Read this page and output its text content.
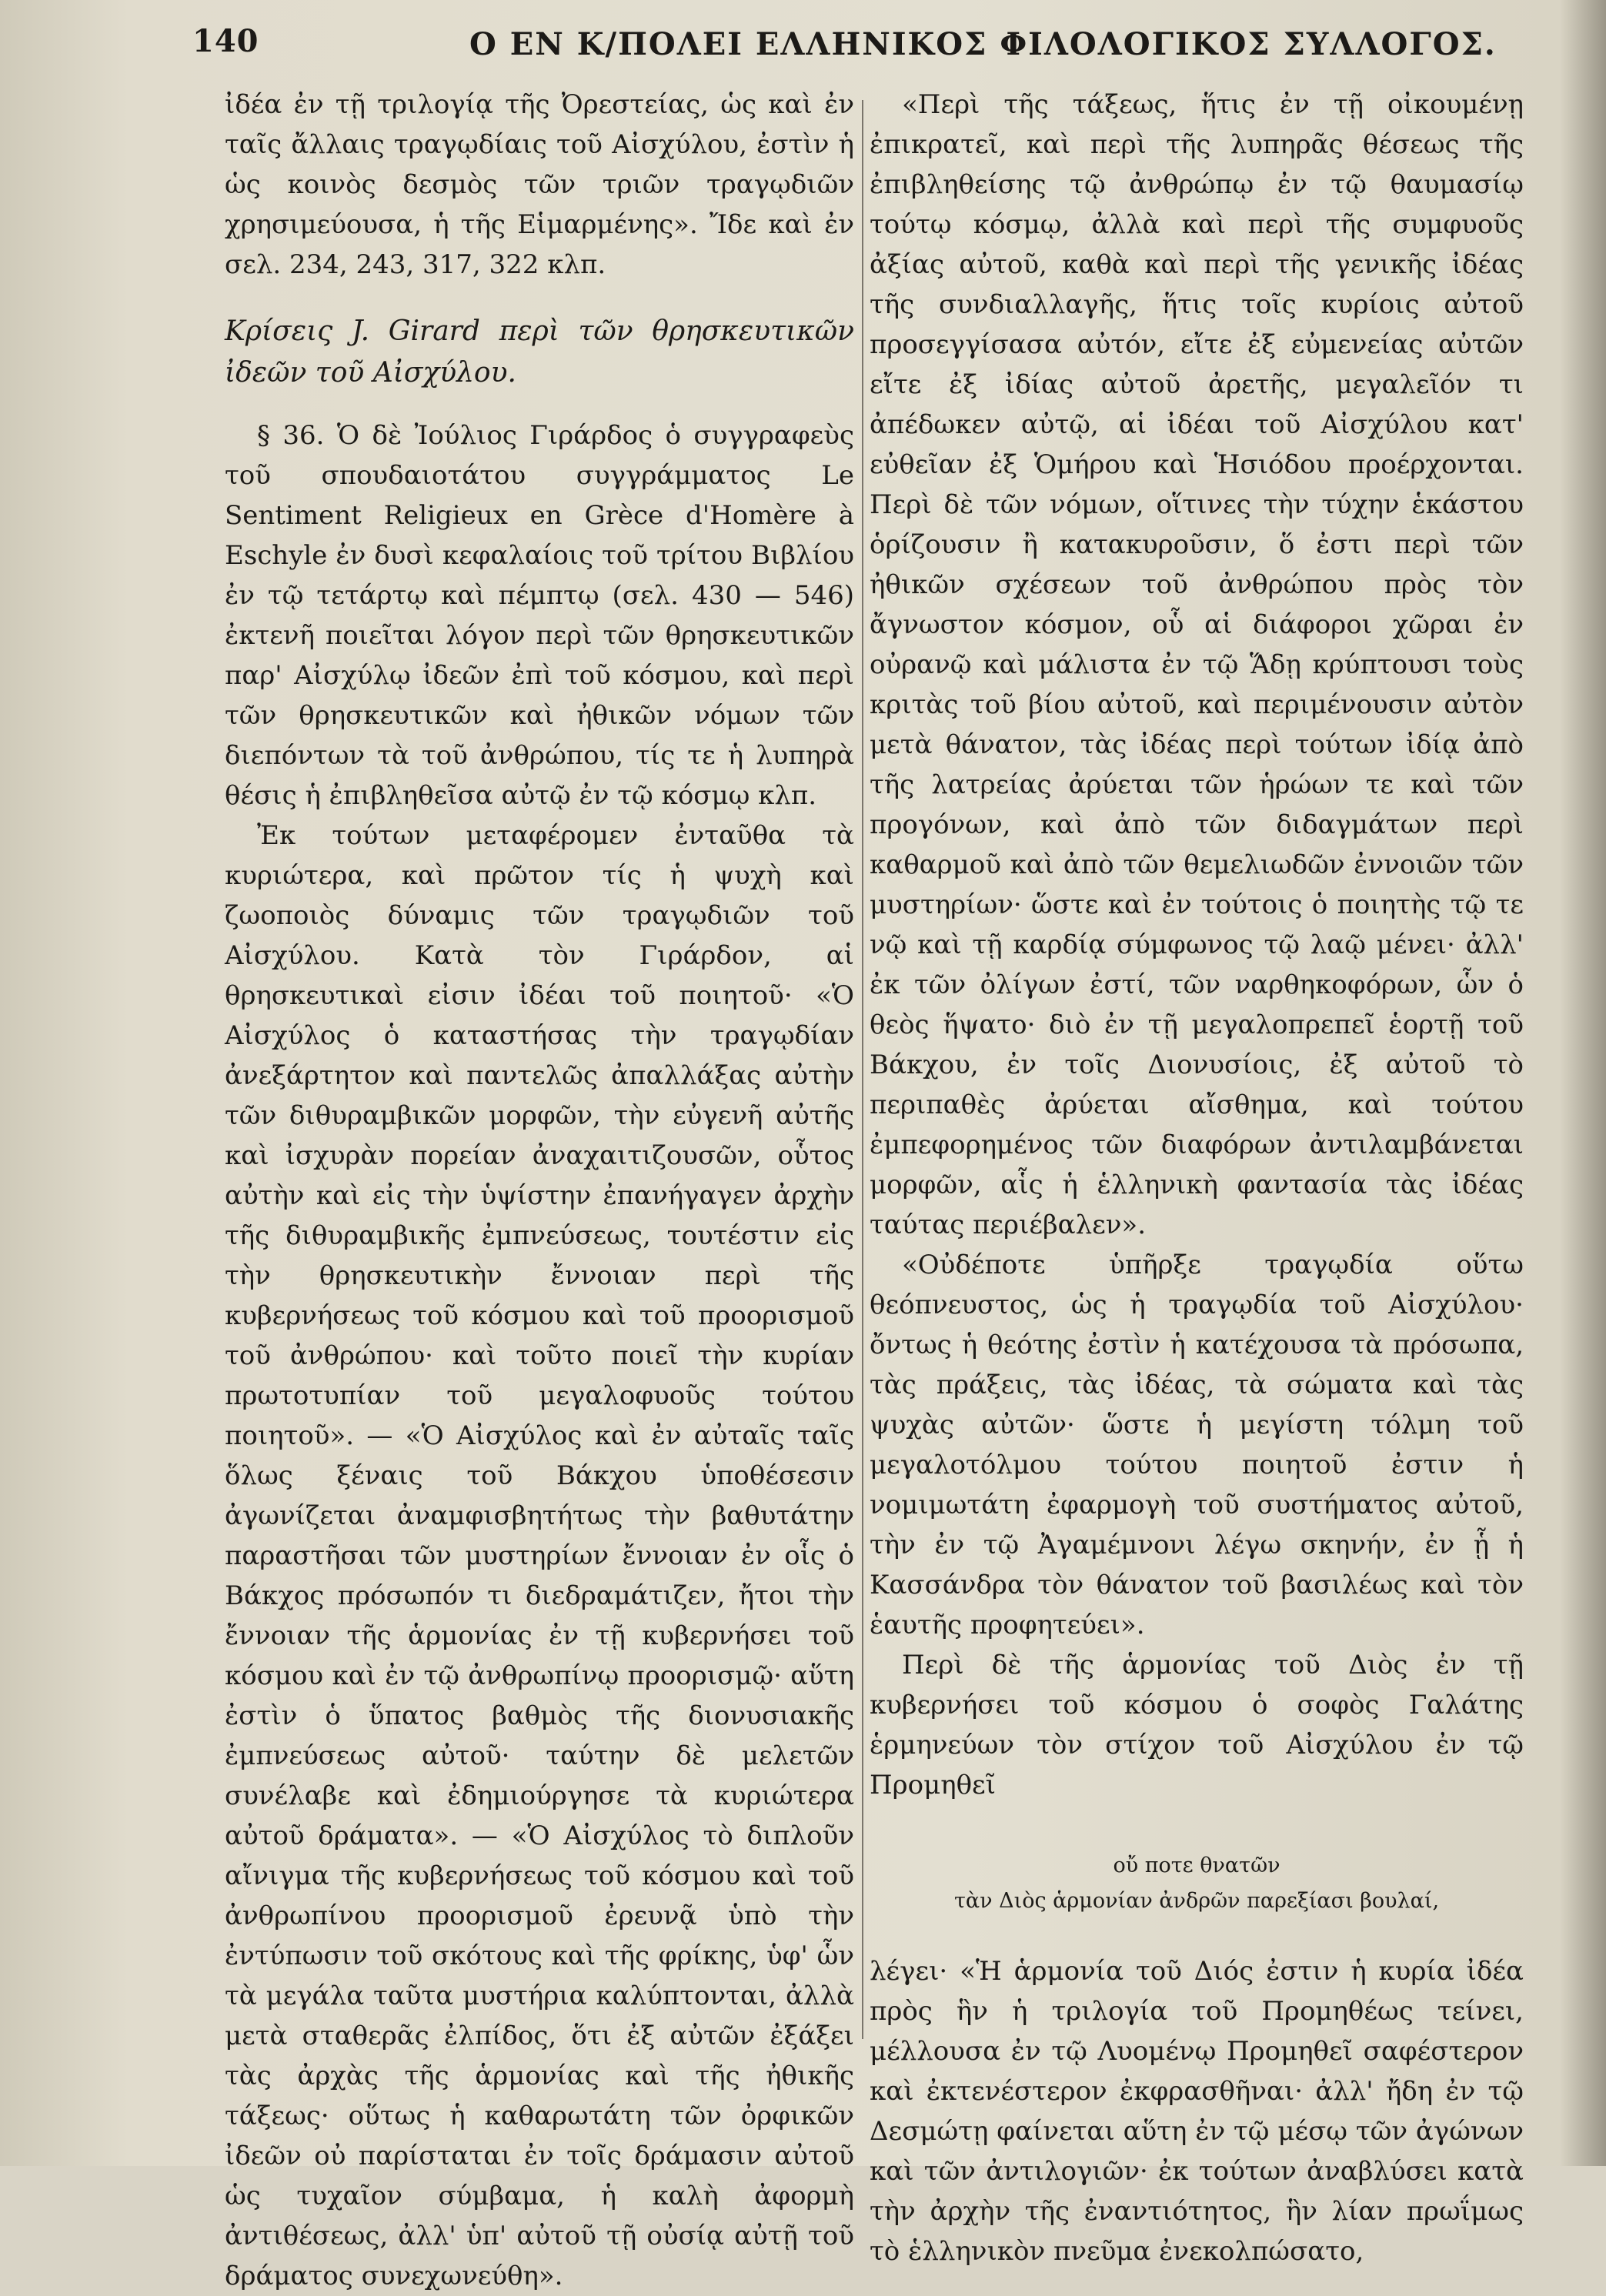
140	Ο ΕΝ Κ/ΠΟΛΕΙ ΕΛΛΗΝΙΚΟΣ ΦΙΛΟΛΟΓΙΚΟΣ ΣΥΛΛΟΓΟΣ.

ἰδέα ἐν τῇ τριλογίᾳ τῆς Ὀρεστείας, ὡς καὶ ἐν ταῖς ἄλλαις τραγῳδίαις τοῦ Αἰσχύλου, ἐστὶν ἡ ὡς κοινὸς δεσμὸς τῶν τριῶν τραγῳδιῶν χρησιμεύουσα, ἡ τῆς Εἱμαρμένης». Ἴδε καὶ ἐν σελ. 234, 243, 317, 322 κλπ.

Κρίσεις J. Girard περὶ τῶν θρησκευτικῶν ἰδεῶν τοῦ Αἰσχύλου.

§ 36. Ὁ δὲ Ἰούλιος Γιράρδος ὁ συγγραφεὺς τοῦ σπουδαιοτάτου συγγράμματος Le Sentiment Religieux en Grèce d'Homère à Eschyle ἐν δυσὶ κεφαλαίοις τοῦ τρίτου Βιβλίου ἐν τῷ τετάρτῳ καὶ πέμπτῳ (σελ. 430 — 546) ἐκτενῆ ποιεῖται λόγον περὶ τῶν θρησκευτικῶν παρ' Αἰσχύλῳ ἰδεῶν ἐπὶ τοῦ κόσμου, καὶ περὶ τῶν θρησκευτικῶν καὶ ἠθικῶν νόμων τῶν διεπόντων τὰ τοῦ ἀνθρώπου, τίς τε ἡ λυπηρὰ θέσις ἡ ἐπιβληθεῖσα αὐτῷ ἐν τῷ κόσμῳ κλπ.

Ἐκ τούτων μεταφέρομεν ἐνταῦθα τὰ κυριώτερα, καὶ πρῶτον τίς ἡ ψυχὴ καὶ ζωοποιὸς δύναμις τῶν τραγῳδιῶν τοῦ Αἰσχύλου. Κατὰ τὸν Γιράρδον, αἱ θρησκευτικαὶ εἰσιν ἰδέαι τοῦ ποιητοῦ· «Ὁ Αἰσχύλος ὁ καταστήσας τὴν τραγῳδίαν ἀνεξάρτητον καὶ παντελῶς ἀπαλλάξας αὐτὴν τῶν διθυραμβικῶν μορφῶν, τὴν εὐγενῆ αὐτῆς καὶ ἰσχυρὰν πορείαν ἀναχαιτιζουσῶν, οὗτος αὐτὴν καὶ εἰς τὴν ὑψίστην ἐπανήγαγεν ἀρχὴν τῆς διθυραμβικῆς ἐμπνεύσεως, τουτέστιν εἰς τὴν θρησκευτικὴν ἔννοιαν περὶ τῆς κυβερνήσεως τοῦ κόσμου καὶ τοῦ προορισμοῦ τοῦ ἀνθρώπου· καὶ τοῦτο ποιεῖ τὴν κυρίαν πρωτοτυπίαν τοῦ μεγαλοφυοῦς τούτου ποιητοῦ». — «Ὁ Αἰσχύλος καὶ ἐν αὐταῖς ταῖς ὅλως ξέναις τοῦ Βάκχου ὑποθέσεσιν ἀγωνίζεται ἀναμφισβητήτως τὴν βαθυτάτην παραστῆσαι τῶν μυστηρίων ἔννοιαν ἐν οἷς ὁ Βάκχος πρόσωπόν τι διεδραμάτιζεν, ἤτοι τὴν ἔννοιαν τῆς ἁρμονίας ἐν τῇ κυβερνήσει τοῦ κόσμου καὶ ἐν τῷ ἀνθρωπίνῳ προορισμῷ· αὕτη ἐστὶν ὁ ὕπατος βαθμὸς τῆς διονυσιακῆς ἐμπνεύσεως αὐτοῦ· ταύτην δὲ μελετῶν συνέλαβε καὶ ἐδημιούργησε τὰ κυριώτερα αὐτοῦ δράματα». — «Ὁ Αἰσχύλος τὸ διπλοῦν αἴνιγμα τῆς κυβερνήσεως τοῦ κόσμου καὶ τοῦ ἀνθρωπίνου προορισμοῦ ἐρευνᾷ ὑπὸ τὴν ἐντύπωσιν τοῦ σκότους καὶ τῆς φρίκης, ὑφ' ὧν τὰ μεγάλα ταῦτα μυστήρια καλύπτονται, ἀλλὰ μετὰ σταθερᾶς ἐλπίδος, ὅτι ἐξ αὐτῶν ἐξάξει τὰς ἀρχὰς τῆς ἁρμονίας καὶ τῆς ἠθικῆς τάξεως· οὕτως ἡ καθαρωτάτη τῶν ὀρφικῶν ἰδεῶν οὐ παρίσταται ἐν τοῖς δράμασιν αὐτοῦ ὡς τυχαῖον σύμβαμα, ἡ καλὴ ἀφορμὴ ἀντιθέσεως, ἀλλ' ὑπ' αὐτοῦ τῇ οὐσίᾳ αὐτῇ τοῦ δράματος συνεχωνεύθη».

«Περὶ τῆς τάξεως, ἥτις ἐν τῇ οἰκουμένῃ ἐπικρατεῖ, καὶ περὶ τῆς λυπηρᾶς θέσεως τῆς ἐπιβληθείσης τῷ ἀνθρώπῳ ἐν τῷ θαυμασίῳ τούτῳ κόσμῳ, ἀλλὰ καὶ περὶ τῆς συμφυοῦς ἀξίας αὐτοῦ, καθὰ καὶ περὶ τῆς γενικῆς ἰδέας τῆς συνδιαλλαγῆς, ἥτις τοῖς κυρίοις αὐτοῦ προσεγγίσασα αὐτόν, εἴτε ἐξ εὐμενείας αὐτῶν εἴτε ἐξ ἰδίας αὐτοῦ ἀρετῆς, μεγαλεῖόν τι ἀπέδωκεν αὐτῷ, αἱ ἰδέαι τοῦ Αἰσχύλου κατ' εὐθεῖαν ἐξ Ὁμήρου καὶ Ἡσιόδου προέρχονται. Περὶ δὲ τῶν νόμων, οἵτινες τὴν τύχην ἑκάστου ὁρίζουσιν ἢ κατακυροῦσιν, ὅ ἐστι περὶ τῶν ἠθικῶν σχέσεων τοῦ ἀνθρώπου πρὸς τὸν ἄγνωστον κόσμον, οὗ αἱ διάφοροι χῶραι ἐν οὐρανῷ καὶ μάλιστα ἐν τῷ Ἅδῃ κρύπτουσι τοὺς κριτὰς τοῦ βίου αὐτοῦ, καὶ περιμένουσιν αὐτὸν μετὰ θάνατον, τὰς ἰδέας περὶ τούτων ἰδίᾳ ἀπὸ τῆς λατρείας ἀρύεται τῶν ἡρώων τε καὶ τῶν προγόνων, καὶ ἀπὸ τῶν διδαγμάτων περὶ καθαρμοῦ καὶ ἀπὸ τῶν θεμελιωδῶν ἐννοιῶν τῶν μυστηρίων· ὥστε καὶ ἐν τούτοις ὁ ποιητὴς τῷ τε νῷ καὶ τῇ καρδίᾳ σύμφωνος τῷ λαῷ μένει· ἀλλ' ἐκ τῶν ὀλίγων ἐστί, τῶν ναρθηκοφόρων, ὧν ὁ θεὸς ἥψατο· διὸ ἐν τῇ μεγαλοπρεπεῖ ἑορτῇ τοῦ Βάκχου, ἐν τοῖς Διονυσίοις, ἐξ αὐτοῦ τὸ περιπαθὲς ἀρύεται αἴσθημα, καὶ τούτου ἐμπεφορημένος τῶν διαφόρων ἀντιλαμβάνεται μορφῶν, αἷς ἡ ἑλληνικὴ φαντασία τὰς ἰδέας ταύτας περιέβαλεν».

«Οὐδέποτε ὑπῆρξε τραγῳδία οὕτω θεόπνευστος, ὡς ἡ τραγῳδία τοῦ Αἰσχύλου· ὄντως ἡ θεότης ἐστὶν ἡ κατέχουσα τὰ πρόσωπα, τὰς πράξεις, τὰς ἰδέας, τὰ σώματα καὶ τὰς ψυχὰς αὐτῶν· ὥστε ἡ μεγίστη τόλμη τοῦ μεγαλοτόλμου τούτου ποιητοῦ ἐστιν ἡ νομιμωτάτη ἐφαρμογὴ τοῦ συστήματος αὐτοῦ, τὴν ἐν τῷ Ἀγαμέμνονι λέγω σκηνήν, ἐν ᾗ ἡ Κασσάνδρα τὸν θάνατον τοῦ βασιλέως καὶ τὸν ἑαυτῆς προφητεύει».

Περὶ δὲ τῆς ἁρμονίας τοῦ Διὸς ἐν τῇ κυβερνήσει τοῦ κόσμου ὁ σοφὸς Γαλάτης ἑρμηνεύων τὸν στίχον τοῦ Αἰσχύλου ἐν τῷ Προμηθεῖ

οὔ ποτε θνατῶν
τὰν Διὸς ἁρμονίαν ἀνδρῶν παρεξίασι βουλαί,

λέγει· «Ἡ ἁρμονία τοῦ Διός ἐστιν ἡ κυρία ἰδέα πρὸς ἣν ἡ τριλογία τοῦ Προμηθέως τείνει, μέλλουσα ἐν τῷ Λυομένῳ Προμηθεῖ σαφέστερον καὶ ἐκτενέστερον ἐκφρασθῆναι· ἀλλ' ἤδη ἐν τῷ Δεσμώτῃ φαίνεται αὕτη ἐν τῷ μέσῳ τῶν ἀγώνων καὶ τῶν ἀντιλογιῶν· ἐκ τούτων ἀναβλύσει κατὰ τὴν ἀρχὴν τῆς ἐναντιότητος, ἣν λίαν πρωΐμως τὸ ἑλληνικὸν πνεῦμα ἐνεκολπώσατο,
